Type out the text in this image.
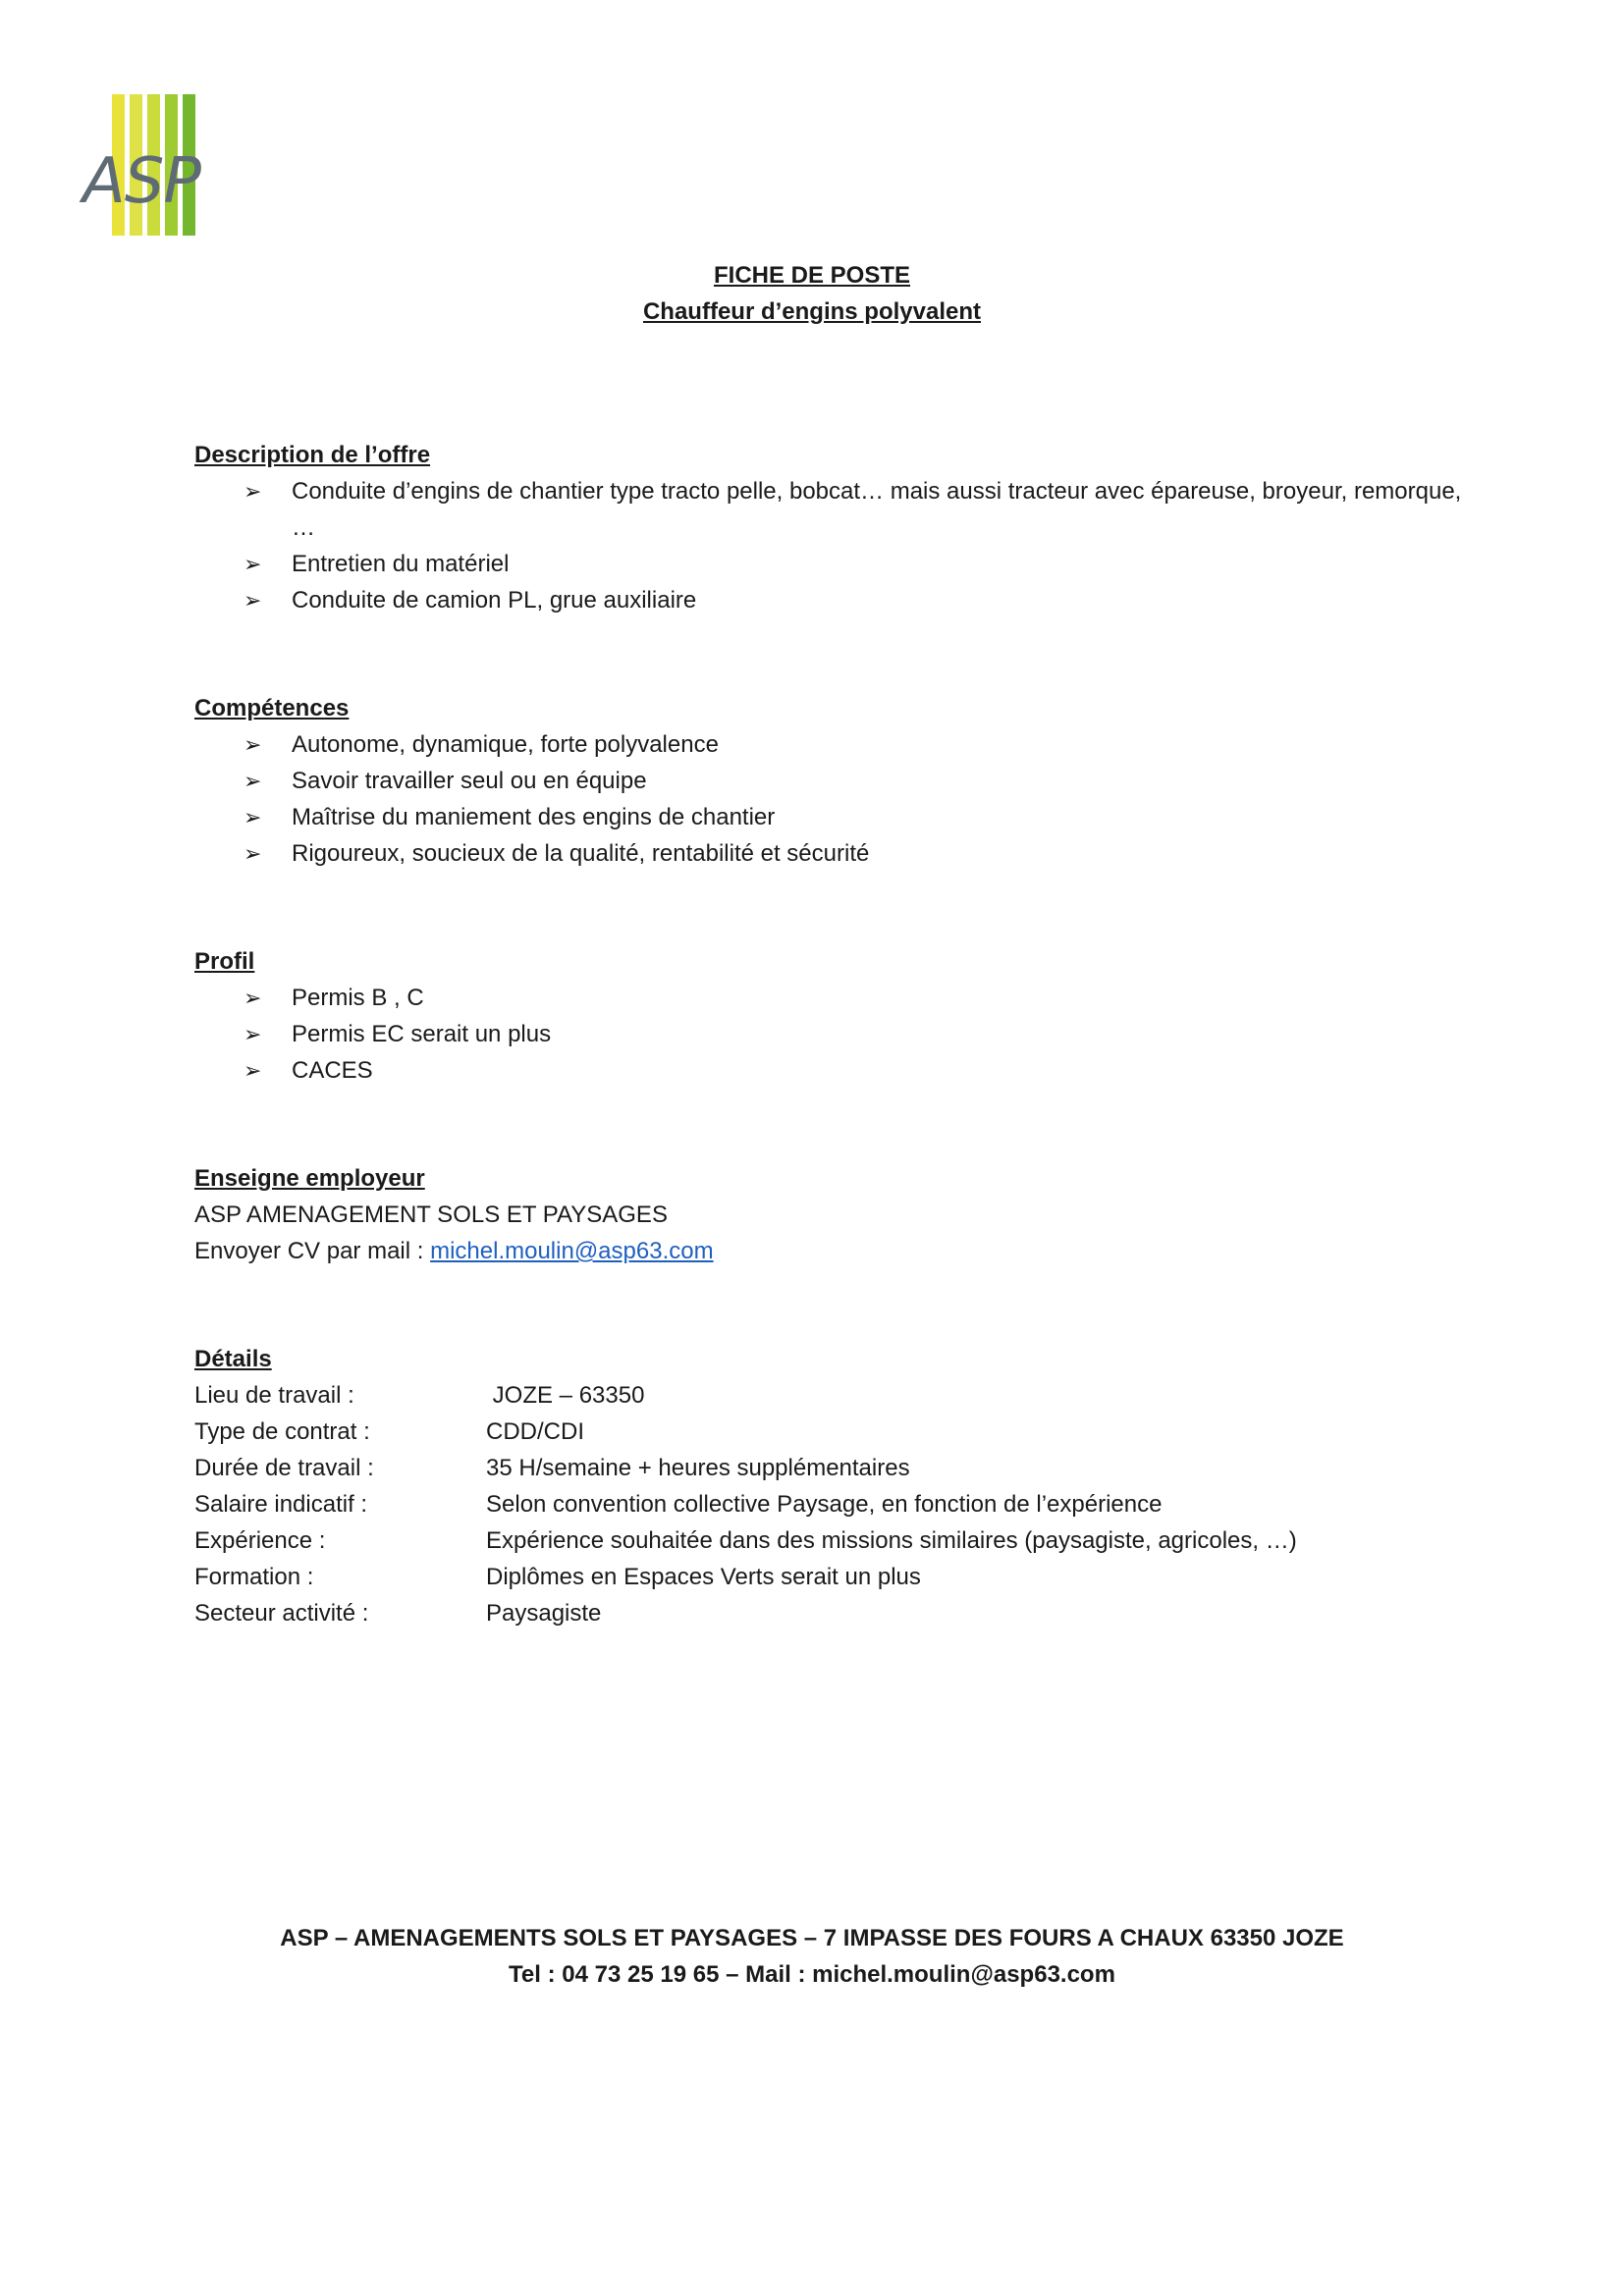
ASP
FICHE DE POSTE
Chauffeur d’engins polyvalent
Description de l’offre
➢ Conduite d’engins de chantier type tracto pelle, bobcat… mais aussi tracteur avec épareuse, broyeur, remorque, …
➢ Entretien du matériel
➢ Conduite de camion PL, grue auxiliaire
Compétences
➢ Autonome, dynamique, forte polyvalence
➢ Savoir travailler seul ou en équipe
➢ Maîtrise du maniement des engins de chantier
➢ Rigoureux, soucieux de la qualité, rentabilité et sécurité
Profil
➢ Permis B , C
➢ Permis EC serait un plus
➢ CACES
Enseigne employeur
ASP AMENAGEMENT SOLS ET PAYSAGES
Envoyer CV par mail : michel.moulin@asp63.com
Détails
Lieu de travail :	JOZE – 63350
Type de contrat :	CDD/CDI
Durée de travail :	35 H/semaine + heures supplémentaires
Salaire indicatif :	Selon convention collective Paysage, en fonction de l’expérience
Expérience :	Expérience souhaitée dans des missions similaires (paysagiste, agricoles, …)
Formation :	Diplômes en Espaces Verts serait un plus
Secteur activité :	Paysagiste
ASP – AMENAGEMENTS SOLS ET PAYSAGES – 7 IMPASSE DES FOURS A CHAUX 63350 JOZE
Tel : 04 73 25 19 65 – Mail : michel.moulin@asp63.com
